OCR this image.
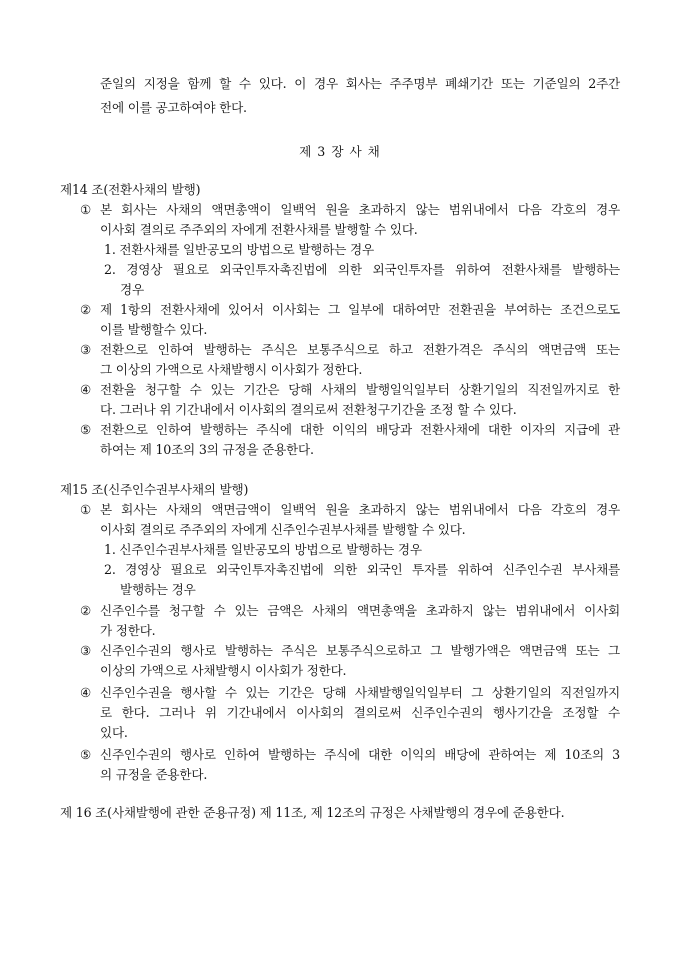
준일의 지정을 함께 할 수 있다. 이 경우 회사는 주주명부 폐쇄기간 또는 기준일의 2주간
전에 이를 공고하여야 한다.
제 3 장 사 채
제14 조(전환사채의 발행)
① 본 회사는 사채의 액면총액이 일백억 원을 초과하지 않는 범위내에서 다음 각호의 경우
이사회 결의로 주주외의 자에게 전환사채를 발행할 수 있다.
1. 전환사채를 일반공모의 방법으로 발행하는 경우
2. 경영상 필요로 외국인투자촉진법에 의한 외국인투자를 위하여 전환사채를 발행하는
경우
② 제 1항의 전환사채에 있어서 이사회는 그 일부에 대하여만 전환권을 부여하는 조건으로도
이를 발행할수 있다.
③ 전환으로 인하여 발행하는 주식은 보통주식으로 하고 전환가격은 주식의 액면금액 또는
그 이상의 가액으로 사채발행시 이사회가 정한다.
④ 전환을 청구할 수 있는 기간은 당해 사채의 발행일익일부터 상환기일의 직전일까지로 한
다. 그러나 위 기간내에서 이사회의 결의로써 전환청구기간을 조정 할 수 있다.
⑤ 전환으로 인하여 발행하는 주식에 대한 이익의 배당과 전환사채에 대한 이자의 지급에 관
하여는 제 10조의 3의 규정을 준용한다.
제15 조(신주인수권부사채의 발행)
① 본 회사는 사채의 액면금액이 일백억 원을 초과하지 않는 범위내에서 다음 각호의 경우
이사회 결의로 주주외의 자에게 신주인수권부사채를 발행할 수 있다.
1. 신주인수권부사채를 일반공모의 방법으로 발행하는 경우
2. 경영상 필요로 외국인투자촉진법에 의한 외국인 투자를 위하여 신주인수권 부사채를
발행하는 경우
② 신주인수를 청구할 수 있는 금액은 사채의 액면총액을 초과하지 않는 범위내에서 이사회
가 정한다.
③ 신주인수권의 행사로 발행하는 주식은 보통주식으로하고 그 발행가액은 액면금액 또는 그
이상의 가액으로 사채발행시 이사회가 정한다.
④ 신주인수권을 행사할 수 있는 기간은 당해 사채발행일익일부터 그 상환기일의 직전일까지
로 한다. 그러나 위 기간내에서 이사회의 결의로써 신주인수권의 행사기간을 조정할 수
있다.
⑤ 신주인수권의 행사로 인하여 발행하는 주식에 대한 이익의 배당에 관하여는 제 10조의 3
의 규정을 준용한다.
제 16 조(사채발행에 관한 준용규정) 제 11조, 제 12조의 규정은 사채발행의 경우에 준용한다.
